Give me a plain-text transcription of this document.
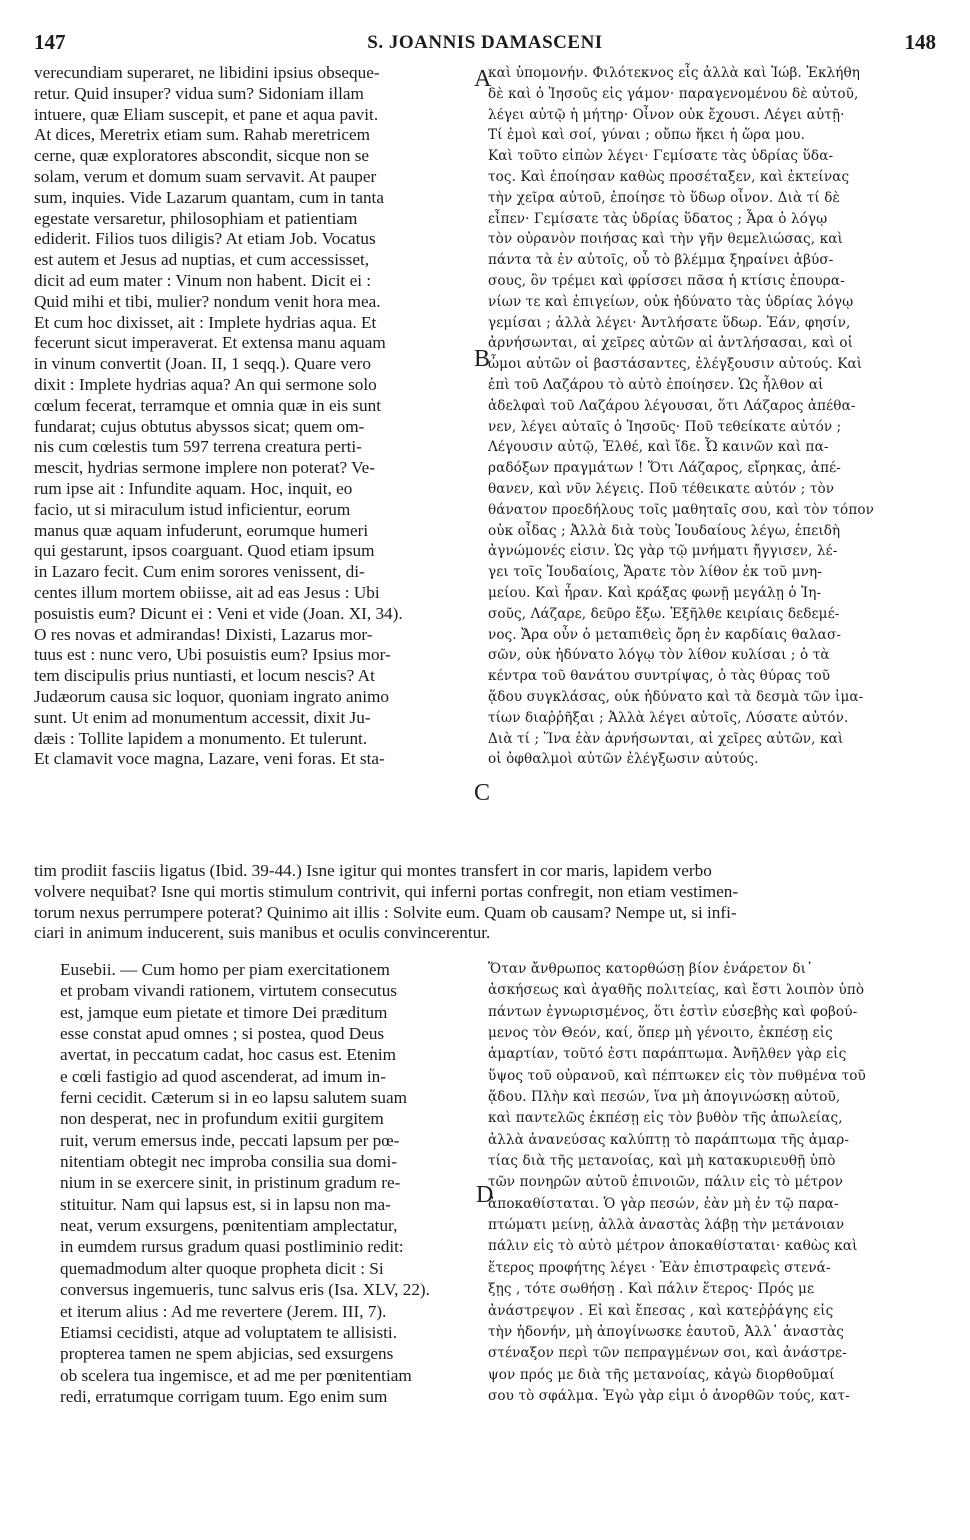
147	S. JOANNIS DAMASCENI	148
A
B
C
D
verecundiam superaret, ne libidini ipsius obseque-
retur. Quid insuper? vidua sum? Sidoniam illam
intuere, quæ Eliam suscepit, et pane et aqua pavit.
At dices, Meretrix etiam sum. Rahab meretricem
cerne, quæ exploratores abscondit, sicque non se
solam, verum et domum suam servavit. At pauper
sum, inquies. Vide Lazarum quantam, cum in tanta
egestate versaretur, philosophiam et patientiam
ediderit. Filios tuos diligis? At etiam Job. Vocatus
est autem et Jesus ad nuptias, et cum accessisset,
dicit ad eum mater : Vinum non habent. Dicit ei :
Quid mihi et tibi, mulier? nondum venit hora mea.
Et cum hoc dixisset, ait : Implete hydrias aqua. Et
fecerunt sicut imperaverat. Et extensa manu aquam
in vinum convertit (Joan. II, 1 seqq.). Quare vero
dixit : Implete hydrias aqua? An qui sermone solo
cœlum fecerat, terramque et omnia quæ in eis sunt
fundarat; cujus obtutus abyssos sicat; quem om-
nis cum cœlestis tum 597 terrena creatura perti-
mescit, hydrias sermone implere non poterat? Ve-
rum ipse ait : Infundite aquam. Hoc, inquit, eo
facio, ut si miraculum istud inficientur, eorum
manus quæ aquam infuderunt, eorumque humeri
qui gestarunt, ipsos coarguant. Quod etiam ipsum
in Lazaro fecit. Cum enim sorores venissent, di-
centes illum mortem obiisse, ait ad eas Jesus : Ubi
posuistis eum? Dicunt ei : Veni et vide (Joan. XI, 34).
O res novas et admirandas! Dixisti, Lazarus mor-
tuus est : nunc vero, Ubi posuistis eum? Ipsius mor-
tem discipulis prius nuntiasti, et locum nescis? At
Judæorum causa sic loquor, quoniam ingrato animo
sunt. Ut enim ad monumentum accessit, dixit Ju-
dæis : Tollite lapidem a monumento. Et tulerunt.
Et clamavit voce magna, Lazare, veni foras. Et sta-
καὶ ὑπομονήν. Φιλότεκνος εἶς ἀλλὰ καὶ Ἰώβ. Ἐκλήθη
δὲ καὶ ὁ Ἰησοῦς εἰς γάμον· παραγενομένου δὲ αὐτοῦ,
λέγει αὐτῷ ἡ μήτηρ· Οἶνον οὐκ ἔχουσι. Λέγει αὐτῇ·
Τί ἐμοὶ καὶ σοί, γύναι ; οὔπω ἥκει ἡ ὥρα μου.
Καὶ τοῦτο εἰπὼν λέγει· Γεμίσατε τὰς ὑδρίας ὕδα-
τος. Καὶ ἐποίησαν καθὼς προσέταξεν, καὶ ἐκτείνας
τὴν χεῖρα αὐτοῦ, ἐποίησε τὸ ὕδωρ οἶνον. Διὰ τί δὲ
εἶπεν· Γεμίσατε τὰς ὑδρίας ὕδατος ; Ἆρα ὁ λόγῳ
τὸν οὐρανὸν ποιήσας καὶ τὴν γῆν θεμελιώσας, καὶ
πάντα τὰ ἐν αὐτοῖς, οὗ τὸ βλέμμα ξηραίνει ἀβύσ-
σους, ὃν τρέμει καὶ φρίσσει πᾶσα ἡ κτίσις ἐπουρα-
νίων τε καὶ ἐπιγείων, οὐκ ἠδύνατο τὰς ὑδρίας λόγῳ
γεμίσαι ; ἀλλὰ λέγει· Ἀντλήσατε ὕδωρ. Ἐάν, φησίν,
ἀρνήσωνται, αἱ χεῖρες αὐτῶν αἱ ἀντλήσασαι, καὶ οἱ
ὦμοι αὐτῶν οἱ βαστάσαντες, ἐλέγξουσιν αὐτούς. Καὶ
ἐπὶ τοῦ Λαζάρου τὸ αὐτὸ ἐποίησεν. Ὡς ἦλθον αἱ
ἀδελφαὶ τοῦ Λαζάρου λέγουσαι, ὅτι Λάζαρος ἀπέθα-
νεν, λέγει αὐταῖς ὁ Ἰησοῦς· Ποῦ τεθείκατε αὐτόν ;
Λέγουσιν αὐτῷ, Ἐλθέ, καὶ ἴδε. Ὦ καινῶν καὶ πα-
ραδόξων πραγμάτων ! Ὅτι Λάζαρος, εἴρηκας, ἀπέ-
θανεν, καὶ νῦν λέγεις. Ποῦ τέθεικατε αὐτόν ; τὸν
θάνατον προεδήλους τοῖς μαθηταῖς σου, καὶ τὸν τόπον
οὐκ οἶδας ; Ἀλλὰ διὰ τοὺς Ἰουδαίους λέγω, ἐπειδὴ
ἀγνώμονές εἰσιν. Ὡς γὰρ τῷ μνήματι ἤγγισεν, λέ-
γει τοῖς Ἰουδαίοις, Ἄρατε τὸν λίθον ἐκ τοῦ μνη-
μείου. Καὶ ἦραν. Καὶ κράξας φωνῇ μεγάλῃ ὁ Ἰη-
σοῦς, Λάζαρε, δεῦρο ἔξω. Ἐξῆλθε κειρίαις δεδεμέ-
νος. Ἄρα οὖν ὁ μεταπιθεὶς ὄρη ἐν καρδίαις θαλασ-
σῶν, οὐκ ἠδύνατο λόγῳ τὸν λίθον κυλίσαι ; ὁ τὰ
κέντρα τοῦ θανάτου συντρίψας, ὁ τὰς θύρας τοῦ
ᾅδου συγκλάσας, οὐκ ἠδύνατο καὶ τὰ δεσμὰ τῶν ἱμα-
τίων διαῤῥῆξαι ; Ἀλλὰ λέγει αὐτοῖς, Λύσατε αὐτόν.
Διὰ τί ; Ἵνα ἐὰν ἀρνήσωνται, αἱ χεῖρες αὐτῶν, καὶ
οἱ ὀφθαλμοὶ αὐτῶν ἐλέγξωσιν αὐτούς.
tim prodiit fasciis ligatus (Ibid. 39-44.) Isne igitur qui montes transfert in cor maris, lapidem verbo
volvere nequibat? Isne qui mortis stimulum contrivit, qui inferni portas confregit, non etiam vestimen-
torum nexus perrumpere poterat? Quinimo ait illis : Solvite eum. Quam ob causam? Nempe ut, si infi-
ciari in animum inducerent, suis manibus et oculis convincerentur.
Eusebii. — Cum homo per piam exercitationem
et probam vivandi rationem, virtutem consecutus
est, jamque eum pietate et timore Dei præditum
esse constat apud omnes ; si postea, quod Deus
avertat, in peccatum cadat, hoc casus est. Etenim
e cœli fastigio ad quod ascenderat, ad imum in-
ferni cecidit. Cæterum si in eo lapsu salutem suam
non desperat, nec in profundum exitii gurgitem
ruit, verum emersus inde, peccati lapsum per pœ-
nitentiam obtegit nec improba consilia sua domi-
nium in se exercere sinit, in pristinum gradum re-
stituitur. Nam qui lapsus est, si in lapsu non ma-
neat, verum exsurgens, pœnitentiam amplectatur,
in eumdem rursus gradum quasi postliminio redit:
quemadmodum alter quoque propheta dicit : Si
conversus ingemueris, tunc salvus eris (Isa. XLV, 22).
et iterum alius : Ad me revertere (Jerem. III, 7).
Etiamsi cecidisti, atque ad voluptatem te allisisti.
propterea tamen ne spem abjicias, sed exsurgens
ob scelera tua ingemisce, et ad me per pœnitentiam
redi, erratumque corrigam tuum. Ego enim sum
Ὅταν ἄνθρωπος κατορθώσῃ βίον ἐνάρετον δι᾽
ἀσκήσεως καὶ ἀγαθῆς πολιτείας, καὶ ἔστι λοιπὸν ὑπὸ
πάντων ἐγνωρισμένος, ὅτι ἐστὶν εὐσεβὴς καὶ φοβού-
μενος τὸν Θεόν, καί, ὅπερ μὴ γένοιτο, ἐκπέσῃ εἰς
ἁμαρτίαν, τοῦτό ἐστι παράπτωμα. Ἀνῆλθεν γὰρ εἰς
ὕψος τοῦ οὐρανοῦ, καὶ πέπτωκεν εἰς τὸν πυθμένα τοῦ
ᾅδου. Πλὴν καὶ πεσών, ἵνα μὴ ἀπογινώσκῃ αὐτοῦ,
καὶ παντελῶς ἐκπέσῃ εἰς τὸν βυθὸν τῆς ἀπωλείας,
ἀλλὰ ἀνανεύσας καλύπτῃ τὸ παράπτωμα τῆς ἁμαρ-
τίας διὰ τῆς μετανοίας, καὶ μὴ κατακυριευθῇ ὑπὸ
τῶν πονηρῶν αὐτοῦ ἐπινοιῶν, πάλιν εἰς τὸ μέτρον
ἀποκαθίσταται. Ὁ γὰρ πεσών, ἐὰν μὴ ἐν τῷ παρα-
πτώματι μείνῃ, ἀλλὰ ἀναστὰς λάβῃ τὴν μετάνοιαν
πάλιν εἰς τὸ αὐτὸ μέτρον ἀποκαθίσταται· καθὼς καὶ
ἕτερος προφήτης λέγει · Ἐὰν ἐπιστραφεὶς στενά-
ξῃς , τότε σωθήσῃ . Καὶ πάλιν ἕτερος· Πρός με
ἀνάστρεψον . Εἰ καὶ ἔπεσας , καὶ κατεῤῥάγης εἰς
τὴν ἡδονήν, μὴ ἀπογίνωσκε ἑαυτοῦ, Ἀλλ᾽ ἀναστὰς
στέναξον περὶ τῶν πεπραγμένων σοι, καὶ ἀνάστρε-
ψον πρός με διὰ τῆς μετανοίας, κἀγὼ διορθοῦμαί
σου τὸ σφάλμα. Ἐγὼ γὰρ εἰμι ὁ ἀνορθῶν τούς, κατ-
